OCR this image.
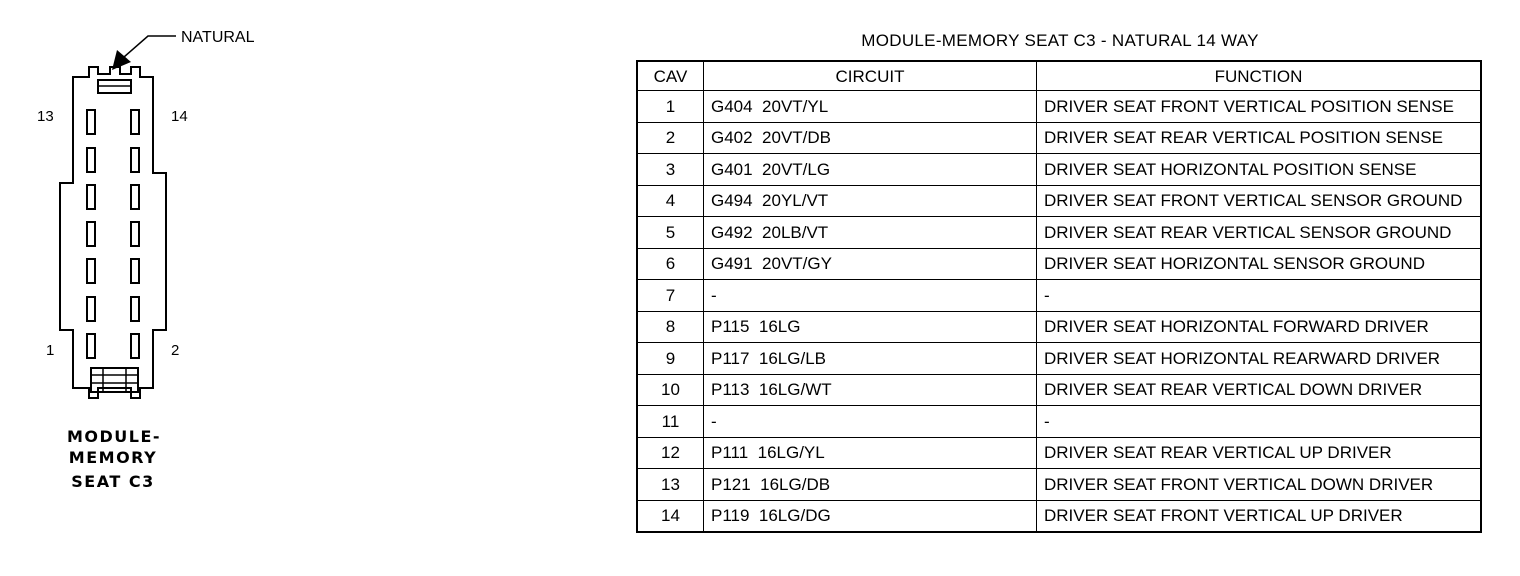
NATURAL
13	14
1	2
MODULE-
MEMORY
SEAT C3
MODULE-MEMORY SEAT C3 - NATURAL 14 WAY
CAV	CIRCUIT	FUNCTION
1	G404  20VT/YL	DRIVER SEAT FRONT VERTICAL POSITION SENSE
2	G402  20VT/DB	DRIVER SEAT REAR VERTICAL POSITION SENSE
3	G401  20VT/LG	DRIVER SEAT HORIZONTAL POSITION SENSE
4	G494  20YL/VT	DRIVER SEAT FRONT VERTICAL SENSOR GROUND
5	G492  20LB/VT	DRIVER SEAT REAR VERTICAL SENSOR GROUND
6	G491  20VT/GY	DRIVER SEAT HORIZONTAL SENSOR GROUND
7	-	-
8	P115  16LG	DRIVER SEAT HORIZONTAL FORWARD DRIVER
9	P117  16LG/LB	DRIVER SEAT HORIZONTAL REARWARD DRIVER
10	P113  16LG/WT	DRIVER SEAT REAR VERTICAL DOWN DRIVER
11	-	-
12	P111  16LG/YL	DRIVER SEAT REAR VERTICAL UP DRIVER
13	P121  16LG/DB	DRIVER SEAT FRONT VERTICAL DOWN DRIVER
14	P119  16LG/DG	DRIVER SEAT FRONT VERTICAL UP DRIVER
